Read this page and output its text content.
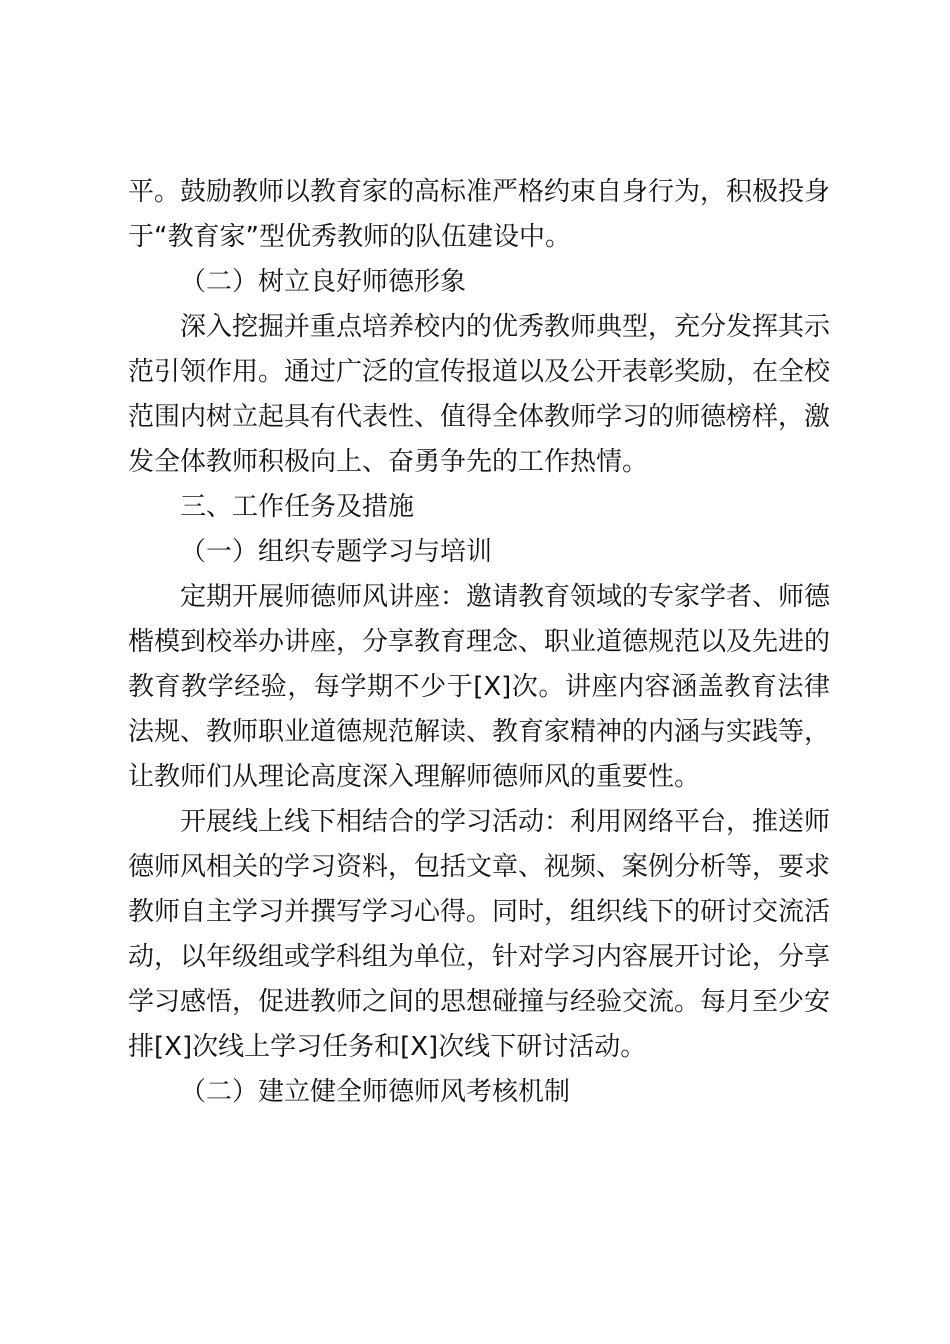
平。鼓励教师以教育家的高标准严格约束自身行为，积极投身于“教育家”型优秀教师的队伍建设中。

（二）树立良好师德形象

深入挖掘并重点培养校内的优秀教师典型，充分发挥其示范引领作用。通过广泛的宣传报道以及公开表彰奖励，在全校范围内树立起具有代表性、值得全体教师学习的师德榜样，激发全体教师积极向上、奋勇争先的工作热情。

三、工作任务及措施

（一）组织专题学习与培训

定期开展师德师风讲座：邀请教育领域的专家学者、师德楷模到校举办讲座，分享教育理念、职业道德规范以及先进的教育教学经验，每学期不少于[X]次。讲座内容涵盖教育法律法规、教师职业道德规范解读、教育家精神的内涵与实践等，让教师们从理论高度深入理解师德师风的重要性。

开展线上线下相结合的学习活动：利用网络平台，推送师德师风相关的学习资料，包括文章、视频、案例分析等，要求教师自主学习并撰写学习心得。同时，组织线下的研讨交流活动，以年级组或学科组为单位，针对学习内容展开讨论，分享学习感悟，促进教师之间的思想碰撞与经验交流。每月至少安排[X]次线上学习任务和[X]次线下研讨活动。

（二）建立健全师德师风考核机制
